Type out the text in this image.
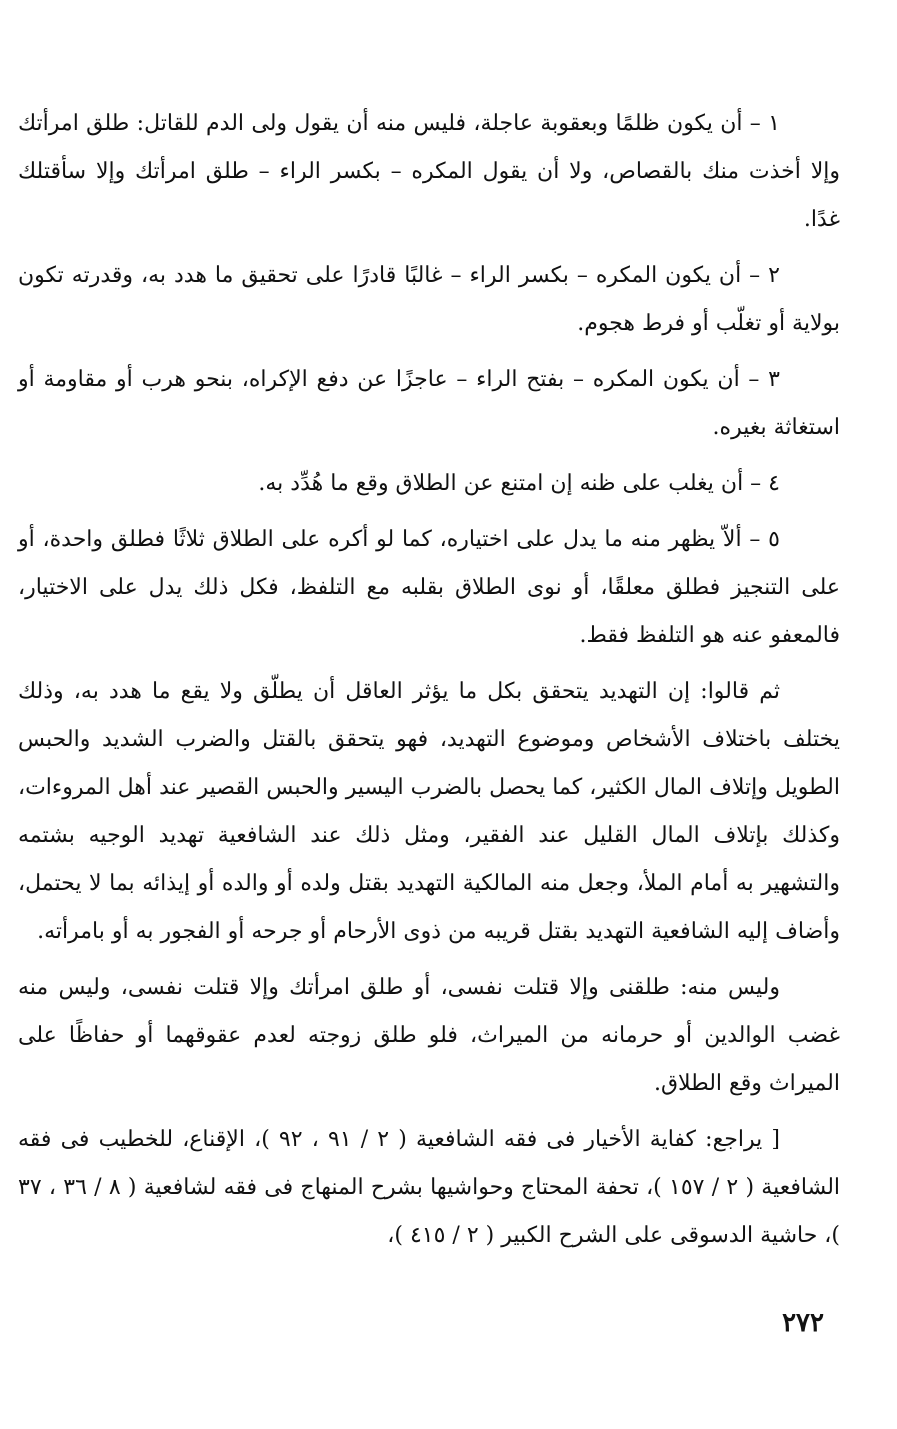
١ – أن يكون ظلمًا وبعقوبة عاجلة، فليس منه أن يقول ولى الدم للقاتل: طلق امرأتك وإلا أخذت منك بالقصاص، ولا أن يقول المكره – بكسر الراء – طلق امرأتك وإلا سأقتلك غدًا.

٢ – أن يكون المكره – بكسر الراء – غالبًا قادرًا على تحقيق ما هدد به، وقدرته تكون بولاية أو تغلّب أو فرط هجوم.

٣ – أن يكون المكره – بفتح الراء – عاجزًا عن دفع الإكراه، بنحو هرب أو مقاومة أو استغاثة بغيره.

٤ – أن يغلب على ظنه إن امتنع عن الطلاق وقع ما هُدِّد به.

٥ – ألاّ يظهر منه ما يدل على اختياره، كما لو أكره على الطلاق ثلاثًا فطلق واحدة، أو على التنجيز فطلق معلقًا، أو نوى الطلاق بقلبه مع التلفظ، فكل ذلك يدل على الاختيار، فالمعفو عنه هو التلفظ فقط.

ثم قالوا: إن التهديد يتحقق بكل ما يؤثر العاقل أن يطلّق ولا يقع ما هدد به، وذلك يختلف باختلاف الأشخاص وموضوع التهديد، فهو يتحقق بالقتل والضرب الشديد والحبس الطويل وإتلاف المال الكثير، كما يحصل بالضرب اليسير والحبس القصير عند أهل المروءات، وكذلك بإتلاف المال القليل عند الفقير، ومثل ذلك عند الشافعية تهديد الوجيه بشتمه والتشهير به أمام الملأ، وجعل منه المالكية التهديد بقتل ولده أو والده أو إيذائه بما لا يحتمل، وأضاف إليه الشافعية التهديد بقتل قريبه من ذوى الأرحام أو جرحه أو الفجور به أو بامرأته.

وليس منه: طلقنى وإلا قتلت نفسى، أو طلق امرأتك وإلا قتلت نفسى، وليس منه غضب الوالدين أو حرمانه من الميراث، فلو طلق زوجته لعدم عقوقهما أو حفاظًا على الميراث وقع الطلاق.

[ يراجع: كفاية الأخيار فى فقه الشافعية ( ٢ / ٩١ ، ٩٢ )، الإقناع، للخطيب فى فقه الشافعية ( ٢ / ١٥٧ )، تحفة المحتاج وحواشيها بشرح المنهاج فى فقه لشافعية ( ٨ / ٣٦ ، ٣٧ )، حاشية الدسوقى على الشرح الكبير ( ٢ / ٤١٥ )،

٢٧٢
